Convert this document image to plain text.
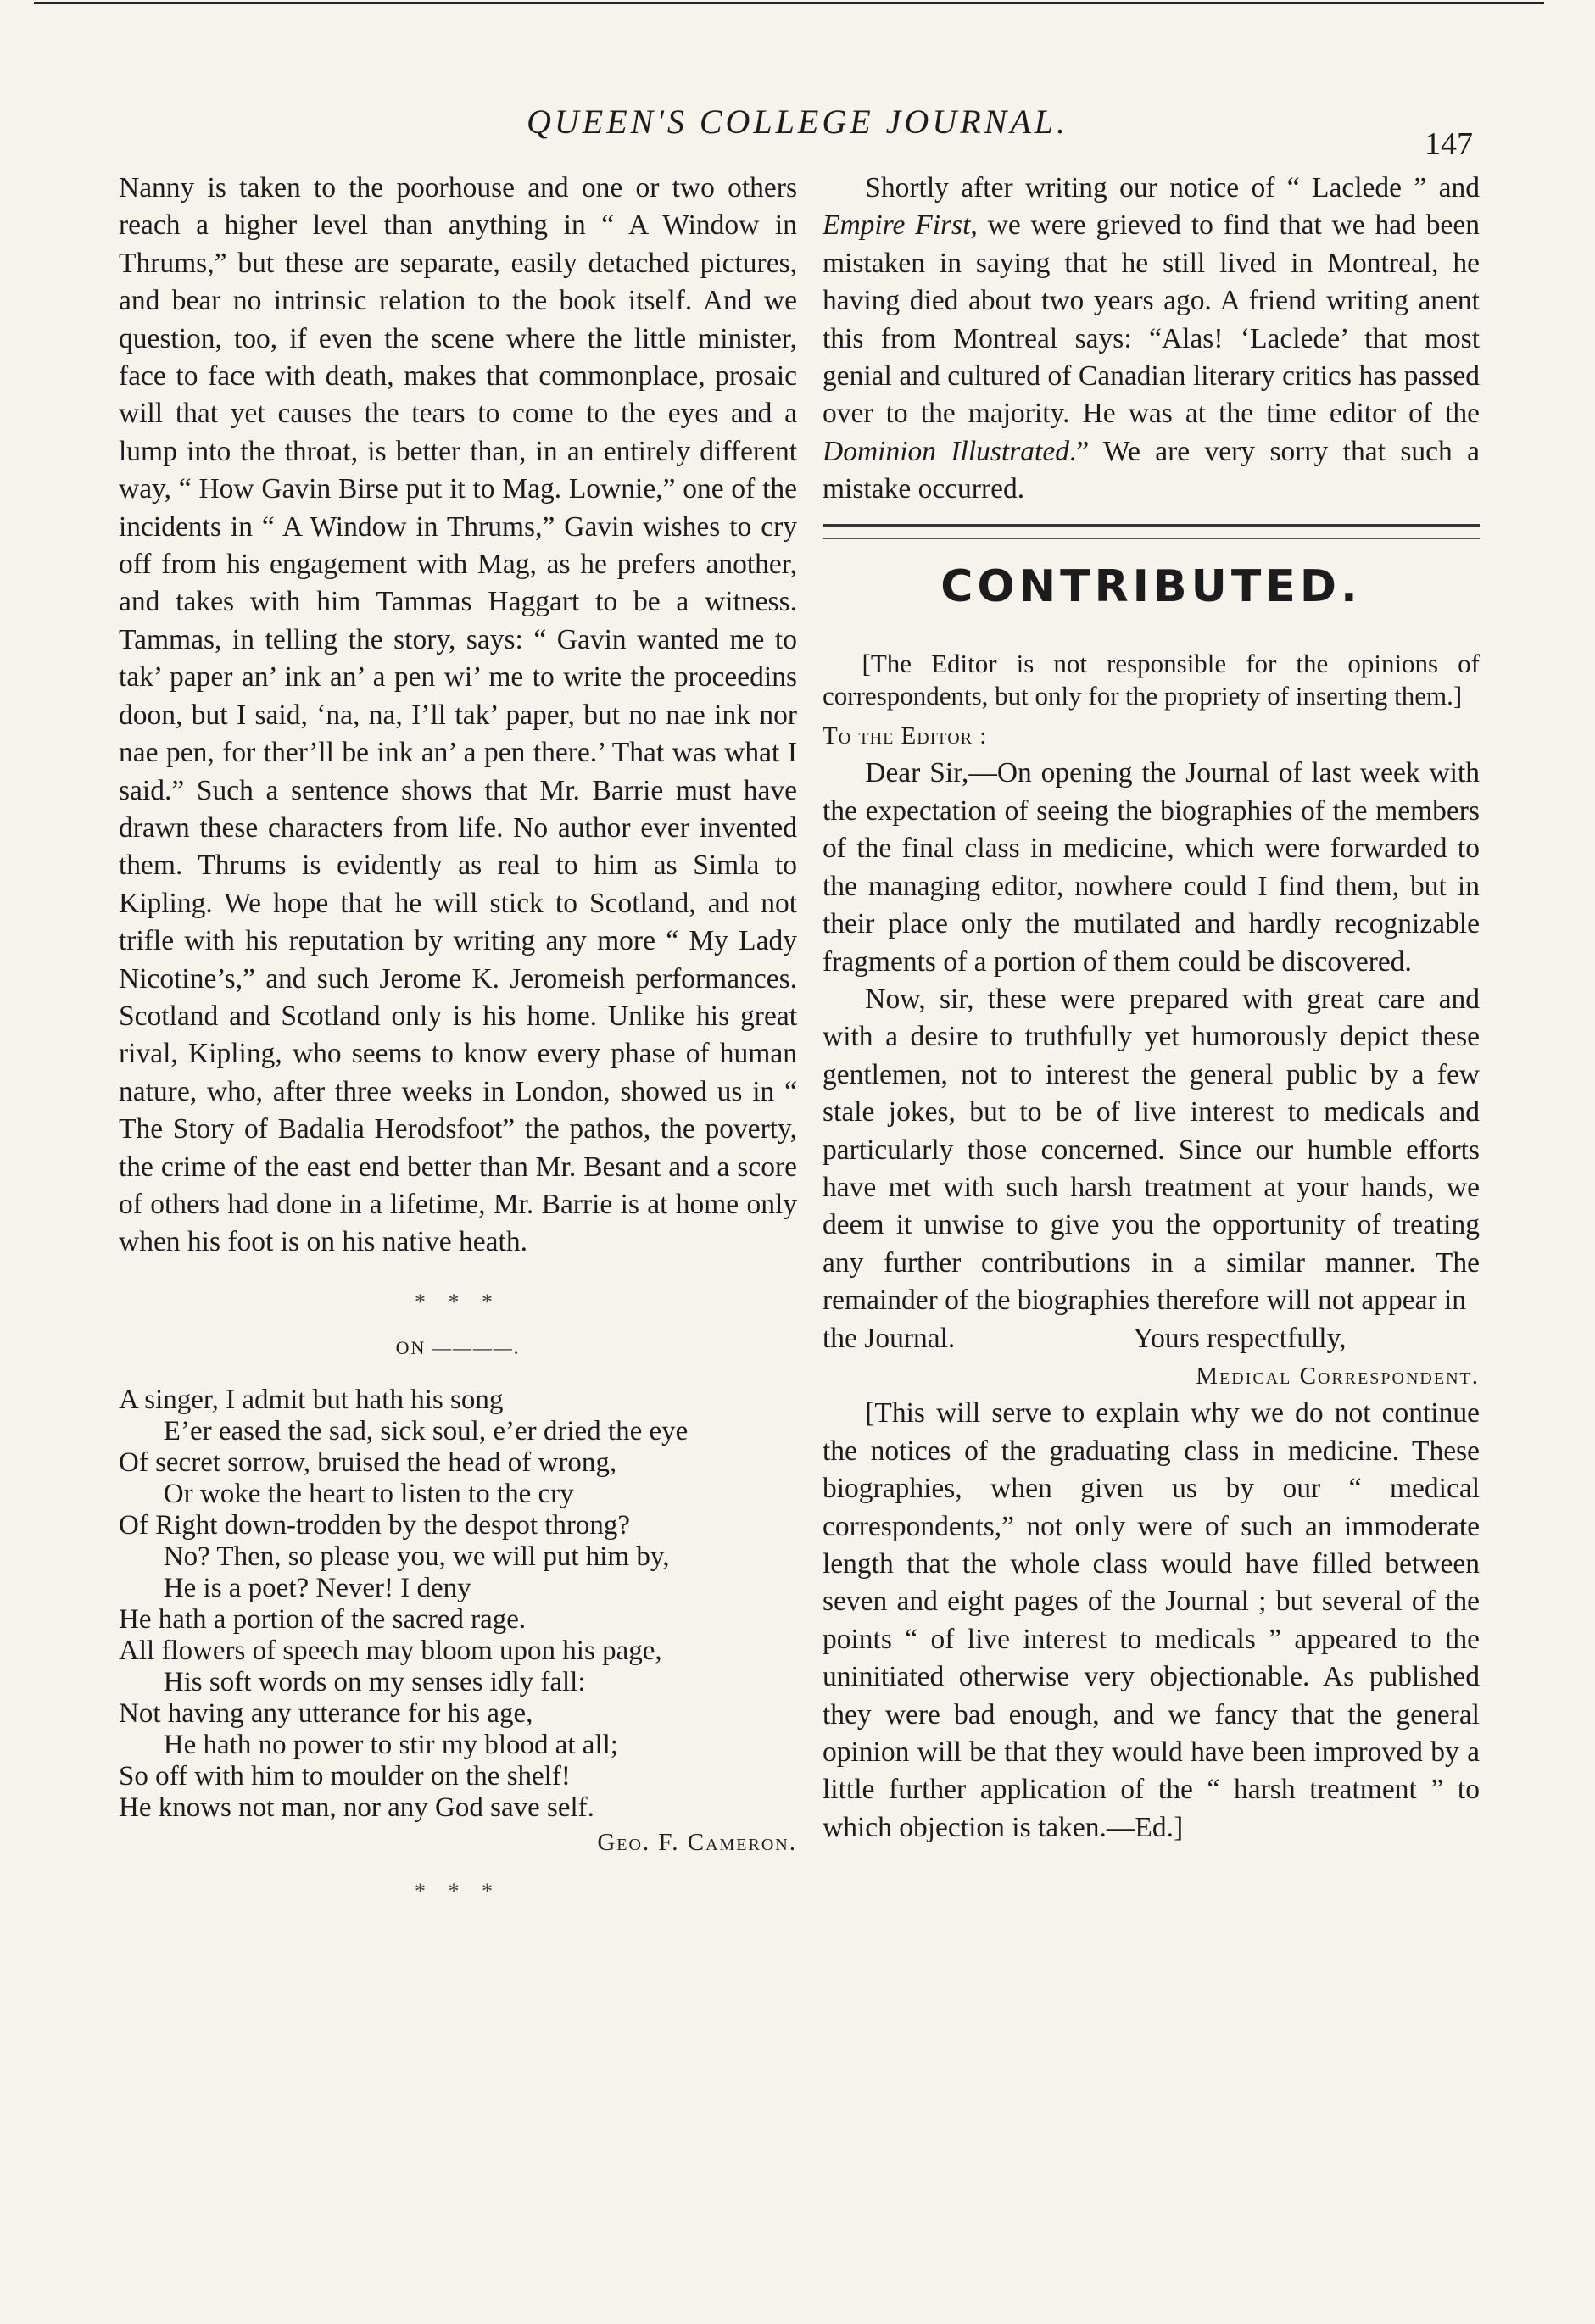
QUEEN'S COLLEGE JOURNAL.
147

Nanny is taken to the poorhouse and one or two others reach a higher level than anything in “ A Window in Thrums,” but these are separate, easily detached pictures, and bear no intrinsic relation to the book itself. And we question, too, if even the scene where the little minister, face to face with death, makes that commonplace, prosaic will that yet causes the tears to come to the eyes and a lump into the throat, is better than, in an entirely different way, “ How Gavin Birse put it to Mag. Lownie,” one of the incidents in “ A Window in Thrums,” Gavin wishes to cry off from his engagement with Mag, as he prefers another, and takes with him Tammas Haggart to be a witness. Tammas, in telling the story, says: “ Gavin wanted me to tak’ paper an’ ink an’ a pen wi’ me to write the proceedins doon, but I said, ‘na, na, I’ll tak’ paper, but no nae ink nor nae pen, for ther’ll be ink an’ a pen there.’ That was what I said.” Such a sentence shows that Mr. Barrie must have drawn these characters from life. No author ever invented them. Thrums is evidently as real to him as Simla to Kipling. We hope that he will stick to Scotland, and not trifle with his reputation by writing any more “ My Lady Nicotine’s,” and such Jerome K. Jeromeish performances. Scotland and Scotland only is his home. Unlike his great rival, Kipling, who seems to know every phase of human nature, who, after three weeks in London, showed us in “ The Story of Badalia Herodsfoot” the pathos, the poverty, the crime of the east end better than Mr. Besant and a score of others had done in a lifetime, Mr. Barrie is at home only when his foot is on his native heath.

* * *
ON ————.
A singer, I admit but hath his song
E’er eased the sad, sick soul, e’er dried the eye
Of secret sorrow, bruised the head of wrong,
Or woke the heart to listen to the cry
Of Right down-trodden by the despot throng?
No? Then, so please you, we will put him by,
He is a poet? Never! I deny
He hath a portion of the sacred rage.
All flowers of speech may bloom upon his page,
His soft words on my senses idly fall:
Not having any utterance for his age,
He hath no power to stir my blood at all;
So off with him to moulder on the shelf!
He knows not man, nor any God save self.
Geo. F. Cameron.
* * *

Shortly after writing our notice of “ Laclede ” and Empire First, we were grieved to find that we had been mistaken in saying that he still lived in Montreal, he having died about two years ago. A friend writing anent this from Montreal says: “Alas! ‘Laclede’ that most genial and cultured of Canadian literary critics has passed over to the majority. He was at the time editor of the Dominion Illustrated.” We are very sorry that such a mistake occurred.

CONTRIBUTED.

[The Editor is not responsible for the opinions of correspondents, but only for the propriety of inserting them.]

To the Editor :

Dear Sir,—On opening the Journal of last week with the expectation of seeing the biographies of the members of the final class in medicine, which were forwarded to the managing editor, nowhere could I find them, but in their place only the mutilated and hardly recognizable fragments of a portion of them could be discovered.

Now, sir, these were prepared with great care and with a desire to truthfully yet humorously depict these gentlemen, not to interest the general public by a few stale jokes, but to be of live interest to medicals and particularly those concerned. Since our humble efforts have met with such harsh treatment at your hands, we deem it unwise to give you the opportunity of treating any further contributions in a similar manner. The remainder of the biographies therefore will not appear in

the Journal.	Yours respectfully,

Medical Correspondent.

[This will serve to explain why we do not continue the notices of the graduating class in medicine. These biographies, when given us by our “ medical correspondents,” not only were of such an immoderate length that the whole class would have filled between seven and eight pages of the Journal ; but several of the points “ of live interest to medicals ” appeared to the uninitiated otherwise very objectionable. As published they were bad enough, and we fancy that the general opinion will be that they would have been improved by a little further application of the “ harsh treatment ” to which objection is taken.—Ed.]
